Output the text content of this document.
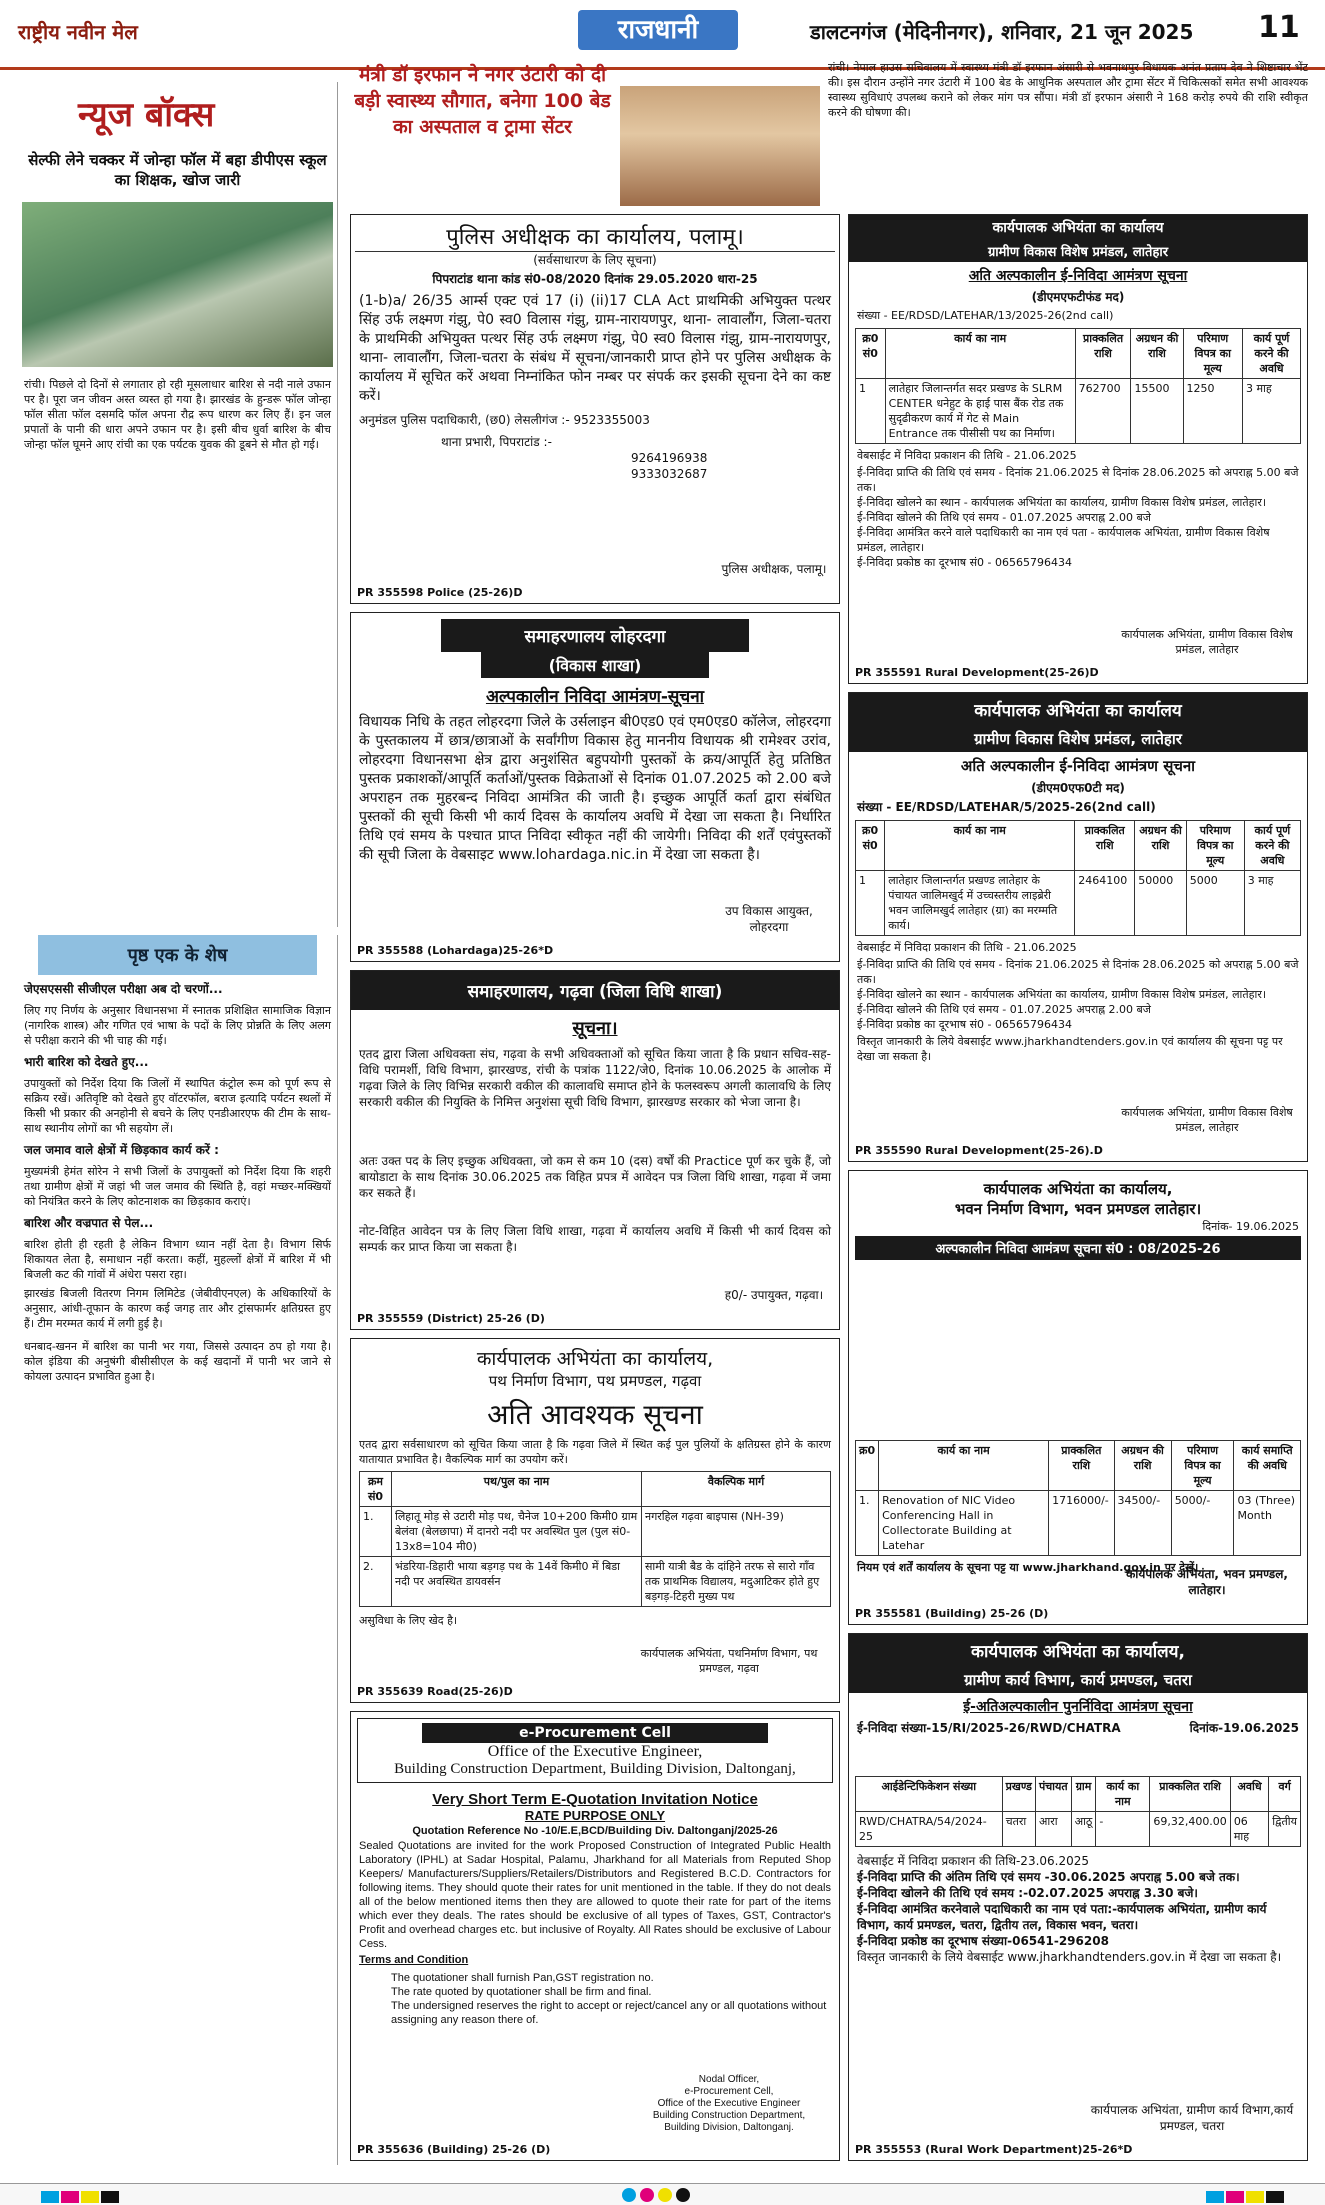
राष्ट्रीय नवीन मेल	राजधानी	डालटनगंज (मेदिनीनगर), शनिवार, 21 जून 2025 11
न्यूज बॉक्स
सेल्फी लेने चक्कर में जोन्हा फॉल में बहा डीपीएस स्कूल का शिक्षक, खोज जारी
रांची। पिछले दो दिनों से लगातार हो रही मूसलाधार बारिश से नदी नाले उफान पर है। पूरा जन जीवन अस्त व्यस्त हो गया है। झारखंड के हुन्डरू फॉल जोन्हा फॉल सीता फॉल दसमदि फॉल अपना रौद्र रूप धारण कर लिए हैं। इन जल प्रपातों के पानी की धारा अपने उफान पर है। इसी बीच धुर्वा बारिश के बीच जोन्हा फॉल घूमने आए रांची का एक पर्यटक युवक की डूबने से मौत हो गई।
पृष्ठ एक के शेष
जेएसएससी सीजीएल परीक्षा अब दो चरणों...
लिए गए निर्णय के अनुसार विधानसभा में स्नातक प्रशिक्षित सामाजिक विज्ञान (नागरिक शास्त्र) और गणित एवं भाषा के पदों के लिए प्रोन्नति के लिए अलग से परीक्षा कराने की भी चाह की गई।
भारी बारिश को देखते हुए...
उपायुक्तों को निर्देश दिया कि जिलों में स्थापित कंट्रोल रूम को पूर्ण रूप से सक्रिय रखें। अतिवृष्टि को देखते हुए वॉटरफॉल, बराज इत्यादि पर्यटन स्थलों में किसी भी प्रकार की अनहोनी से बचने के लिए एनडीआरएफ की टीम के साथ-साथ स्थानीय लोगों का भी सहयोग लें।
जल जमाव वाले क्षेत्रों में छिड़काव कार्य करें :
मुख्यमंत्री हेमंत सोरेन ने सभी जिलों के उपायुक्तों को निर्देश दिया कि शहरी तथा ग्रामीण क्षेत्रों में जहां भी जल जमाव की स्थिति है, वहां मच्छर-मक्खियों को नियंत्रित करने के लिए कोटनाशक का छिड़काव कराएं।
बारिश और वज्रपात से पेल...
बारिश होती ही रहती है लेकिन विभाग ध्यान नहीं देता है। विभाग सिर्फ शिकायत लेता है, समाधान नहीं करता। कहीं, मुहल्लाें क्षेत्रों में बारिश में भी बिजली कट की गांवों में अंधेरा पसरा रहा।
झारखंड बिजली वितरण निगम लिमिटेड (जेबीवीएनएल) के अधिकारियों के अनुसार, आंधी-तूफान के कारण कई जगह तार और ट्रांसफार्मर क्षतिग्रस्त हुए हैं। टीम मरम्मत कार्य में लगी हुई है।
धनबाद-खनन में बारिश का पानी भर गया, जिससे उत्पादन ठप हो गया है। कोल इंडिया की अनुषंगी बीसीसीएल के कई खदानों में पानी भर जाने से कोयला उत्पादन प्रभावित हुआ है।
मंत्री डॉ इरफान ने नगर उंटारी को दी बड़ी स्वास्थ्य सौगात, बनेगा 100 बेड का अस्पताल व ट्रामा सेंटर
रांची। नेपाल हाउस सचिवालय में स्वास्थ्य मंत्री डॉ इरफान अंसारी से भवनाथपुर विधायक अनंत प्रताप देव ने शिष्टाचार भेंट की। इस दौरान उन्होंने नगर उंटारी में 100 बेड के आधुनिक अस्पताल और ट्रामा सेंटर में चिकित्सकों समेत सभी आवश्यक स्वास्थ्य सुविधाएं उपलब्ध कराने को लेकर मांग पत्र सौंपा। मंत्री डॉ इरफान अंसारी ने 168 करोड़ रुपये की राशि स्वीकृत करने की घोषणा की।
पुलिस अधीक्षक का कार्यालय, पलामू।
(सर्वसाधारण के लिए सूचना)
पिपराटांड थाना कांड सं0-08/2020 दिनांक 29.05.2020 धारा-25
(1-b)a/ 26/35 आर्म्स एक्ट एवं 17 (i) (ii)17 CLA Act प्राथमिकी अभियुक्त पत्थर सिंह उर्फ लक्ष्मण गंझु, पे0 स्व0 विलास गंझु, ग्राम-नारायणपुर, थाना- लावालौंग, जिला-चतरा के प्राथमिकी अभियुक्त पत्थर सिंह उर्फ लक्ष्मण गंझु, पे0 स्व0 विलास गंझु, ग्राम-नारायणपुर, थाना- लावालौंग, जिला-चतरा के संबंध में सूचना/जानकारी प्राप्त होने पर पुलिस अधीक्षक के कार्यालय में सूचित करें अथवा निम्नांकित फोन नम्बर पर संपर्क कर इसकी सूचना देने का कष्ट करें।
अनुमंडल पुलिस पदाधिकारी, (छ0) लेसलीगंज :- 9523355003
थाना प्रभारी, पिपराटांड :-
9264196938
9333032687
पुलिस अधीक्षक, पलामू।
PR 355598 Police (25-26)D
समाहरणालय लोहरदगा
(विकास शाखा)
अल्पकालीन निविदा आमंत्रण-सूचना
विधायक निधि के तहत लोहरदगा जिले के उर्सलाइन बी0एड0 एवं एम0एड0 कॉलेज, लोहरदगा के पुस्तकालय में छात्र/छात्राओं के सर्वांगीण विकास हेतु माननीय विधायक श्री रामेश्वर उरांव, लोहरदगा विधानसभा क्षेत्र द्वारा अनुशंसित बहुपयोगी पुस्तकों के क्रय/आपूर्ति हेतु प्रतिष्ठित पुस्तक प्रकाशकों/आपूर्ति कर्ताओं/पुस्तक विक्रेताओं से दिनांक 01.07.2025 को 2.00 बजे अपराहन तक मुहरबन्द निविदा आमंत्रित की जाती है। इच्छुक आपूर्ति कर्ता द्वारा संबंधित पुस्तकों की सूची किसी भी कार्य दिवस के कार्यालय अवधि में देखा जा सकता है। निर्धारित तिथि एवं समय के पश्चात प्राप्त निविदा स्वीकृत नहीं की जायेगी। निविदा की शर्तें एवंपुस्तकों की सूची जिला के वेबसाइट www.lohardaga.nic.in में देखा जा सकता है।
उप विकास आयुक्त, लोहरदगा
PR 355588 (Lohardaga)25-26*D
समाहरणालय, गढ़वा (जिला विधि शाखा)
सूचना।
एतद द्वारा जिला अधिवक्ता संघ, गढ़वा के सभी अधिवक्ताओं को सूचित किया जाता है कि प्रधान सचिव-सह-विधि परामर्शी, विधि विभाग, झारखण्ड, रांची के पत्रांक 1122/जे0, दिनांक 10.06.2025 के आलोक में गढ़वा जिले के लिए विभिन्न सरकारी वकील की कालावधि समाप्त होने के फलस्वरूप अगली कालावधि के लिए सरकारी वकील की नियुक्ति के निमित्त अनुशंसा सूची विधि विभाग, झारखण्ड सरकार को भेजा जाना है।
अतः उक्त पद के लिए इच्छुक अधिवक्ता, जो कम से कम 10 (दस) वर्षों की Practice पूर्ण कर चुके हैं, जो बायोडाटा के साथ दिनांक 30.06.2025 तक विहित प्रपत्र में आवेदन पत्र जिला विधि शाखा, गढ़वा में जमा कर सकते हैं।
नोट-विहित आवेदन पत्र के लिए जिला विधि शाखा, गढ़वा में कार्यालय अवधि में किसी भी कार्य दिवस को सम्पर्क कर प्राप्त किया जा सकता है।
ह0/- उपायुक्त, गढ़वा।
PR 355559 (District) 25-26 (D)
कार्यपालक अभियंता का कार्यालय,
पथ निर्माण विभाग, पथ प्रमण्डल, गढ़वा
अति आवश्यक सूचना
एतद द्वारा सर्वसाधारण को सूचित किया जाता है कि गढ़वा जिले में स्थित कई पुल पुलियों के क्षतिग्रस्त होने के कारण यातायात प्रभावित है। वैकल्पिक मार्ग का उपयोग करें।
क्रम सं0	पथ/पुल का नाम	वैकल्पिक मार्ग
1.	लिहातू मोड़ से उटारी मोड़ पथ, चैनेज 10+200 किमी0 ग्राम बेलंवा (बेलछापा) में दानरो नदी पर अवस्थित पुल (पुल सं0-13x8=104 मी0)	नगरहिल गढ़वा बाइपास (NH-39)
2.	भंडरिया-डिहारी भाया बड़गड़ पथ के 14वें किमी0 में बिडा नदी पर अवस्थित डायवर्सन	सामी यात्री बैड के दांहिने तरफ से सारो गाँव तक प्राथमिक विद्यालय, मदुआटिकर होते हुए बड़गड़-टिहरी मुख्य पथ
असुविधा के लिए खेद है।
कार्यपालक अभियंता, पथनिर्माण विभाग, पथ प्रमण्डल, गढ़वा
PR 355639 Road(25-26)D
e-Procurement Cell
Office of the Executive Engineer,
Building Construction Department, Building Division, Daltonganj,
Very Short Term E-Quotation Invitation Notice
RATE PURPOSE ONLY
Quotation Reference No -10/E.E,BCD/Building Div. Daltonganj/2025-26
Sealed Quotations are invited for the work Proposed Construction of Integrated Public Health Laboratory (IPHL) at Sadar Hospital, Palamu, Jharkhand for all Materials from Reputed Shop Keepers/ Manufacturers/Suppliers/Retailers/Distributors and Registered B.C.D. Contractors for following items. They should quote their rates for unit mentioned in the table. If they do not deals all of the below mentioned items then they are allowed to quote their rate for part of the items which ever they deals. The rates should be exclusive of all types of Taxes, GST, Contractor's Profit and overhead charges etc. but inclusive of Royalty. All Rates should be exclusive of Labour Cess.
Terms and Condition
The quotationer shall furnish Pan,GST registration no.
The rate quoted by quotationer shall be firm and final.
The undersigned reserves the right to accept or reject/cancel any or all quotations without assigning any reason there of.
Nodal Officer,
e-Procurement Cell,
Office of the Executive Engineer
Building Construction Department,
Building Division, Daltonganj.
PR 355636 (Building) 25-26 (D)
कार्यपालक अभियंता का कार्यालय
ग्रामीण विकास विशेष प्रमंडल, लातेहार
अति अल्पकालीन ई-निविदा आमंत्रण सूचना
(डीएमएफटीफंड मद)
संख्या - EE/RDSD/LATEHAR/13/2025-26(2nd call)
क्र0 सं0	कार्य का नाम	प्राक्कलित राशि	अग्रधन की राशि	परिमाण विपत्र का मूल्य	कार्य पूर्ण करने की अवधि
1	लातेहार जिलान्तर्गत सदर प्रखण्ड के SLRM CENTER धनेहुट के हाई पास बैंक रोड तक सुदृढीकरण कार्य में गेट से Main Entrance तक पीसीसी पथ का निर्माण।	762700	15500	1250	3 माह
वेबसाईट में निविदा प्रकाशन की तिथि - 21.06.2025
ई-निविदा प्राप्ति की तिथि एवं समय - दिनांक 21.06.2025 से दिनांक 28.06.2025 को अपराह्न 5.00 बजे तक।
ई-निविदा खोलने का स्थान - कार्यपालक अभियंता का कार्यालय, ग्रामीण विकास विशेष प्रमंडल, लातेहार।
ई-निविदा खोलने की तिथि एवं समय - 01.07.2025 अपराह्न 2.00 बजे
ई-निविदा आमंत्रित करने वाले पदाधिकारी का नाम एवं पता - कार्यपालक अभियंता, ग्रामीण विकास विशेष प्रमंडल, लातेहार।
ई-निविदा प्रकोष्ठ का दूरभाष सं0 - 06565796434
कार्यपालक अभियंता, ग्रामीण विकास विशेष प्रमंडल, लातेहार
PR 355591 Rural Development(25-26)D
कार्यपालक अभियंता का कार्यालय
ग्रामीण विकास विशेष प्रमंडल, लातेहार
अति अल्पकालीन ई-निविदा आमंत्रण सूचना
(डीएम0एफ0टी मद)
संख्या - EE/RDSD/LATEHAR/5/2025-26(2nd call)
क्र0 सं0	कार्य का नाम	प्राक्कलित राशि	अग्रधन की राशि	परिमाण विपत्र का मूल्य	कार्य पूर्ण करने की अवधि
1	लातेहार जिलान्तर्गत प्रखण्ड लातेहार के पंचायत जालिमखुर्द में उच्चस्तरीय लाइब्रेरी भवन जालिमखुर्द लातेहार (ग्रा) का मरम्मति कार्य।	2464100	50000	5000	3 माह
वेबसाईट में निविदा प्रकाशन की तिथि - 21.06.2025
ई-निविदा प्राप्ति की तिथि एवं समय - दिनांक 21.06.2025 से दिनांक 28.06.2025 को अपराह्न 5.00 बजे तक।
ई-निविदा खोलने का स्थान - कार्यपालक अभियंता का कार्यालय, ग्रामीण विकास विशेष प्रमंडल, लातेहार।
ई-निविदा खोलने की तिथि एवं समय - 01.07.2025 अपराह्न 2.00 बजे
ई-निविदा प्रकोष्ठ का दूरभाष सं0 - 06565796434
विस्तृत जानकारी के लिये वेबसाईट www.jharkhandtenders.gov.in एवं कार्यालय की सूचना पट्ट पर देखा जा सकता है।
कार्यपालक अभियंता, ग्रामीण विकास विशेष प्रमंडल, लातेहार
PR 355590 Rural Development(25-26).D
कार्यपालक अभियंता का कार्यालय,
भवन निर्माण विभाग, भवन प्रमण्डल लातेहार।
दिनांक- 19.06.2025
अल्पकालीन निविदा आमंत्रण सूचना सं0 : 08/2025-26
क्र0	कार्य का नाम	प्राक्कलित राशि	अग्रधन की राशि	परिमाण विपत्र का मूल्य	कार्य समाप्ति की अवधि
1.	Renovation of NIC Video Conferencing Hall in Collectorate Building at Latehar	1716000/-	34500/-	5000/-	03 (Three) Month
नियम एवं शर्तें कार्यालय के सूचना पट्ट या www.jharkhand.gov.in पर देखें।
कार्यपालक अभियंता, भवन प्रमण्डल, लातेहार।
PR 355581 (Building) 25-26 (D)
कार्यपालक अभियंता का कार्यालय,
ग्रामीण कार्य विभाग, कार्य प्रमण्डल, चतरा
ई-अतिअल्पकालीन पुनर्निविदा आमंत्रण सूचना
ई-निविदा संख्या-15/RI/2025-26/RWD/CHATRA	दिनांक-19.06.2025
आईडेन्टिफिकेशन संख्या	प्रखण्ड	पंचायत	ग्राम	कार्य का नाम	प्राक्कलित राशि	अवधि	वर्ग
RWD/CHATRA/54/2024-25	चतरा	आरा	आठू	-	69,32,400.00	06 माह	द्वितीय
वेबसाईट में निविदा प्रकाशन की तिथि-23.06.2025
ई-निविदा प्राप्ति की अंतिम तिथि एवं समय -30.06.2025 अपराह्न 5.00 बजे तक।
ई-निविदा खोलने की तिथि एवं समय :-02.07.2025 अपराह्न 3.30 बजे।
ई-निविदा आमंत्रित करनेवाले पदाधिकारी का नाम एवं पता:-कार्यपालक अभियंता, ग्रामीण कार्य विभाग, कार्य प्रमण्डल, चतरा, द्वितीय तल, विकास भवन, चतरा।
ई-निविदा प्रकोष्ठ का दूरभाष संख्या-06541-296208
विस्तृत जानकारी के लिये वेबसाईट www.jharkhandtenders.gov.in में देखा जा सकता है।
कार्यपालक अभियंता, ग्रामीण कार्य विभाग,कार्य प्रमण्डल, चतरा
PR 355553 (Rural Work Department)25-26*D
